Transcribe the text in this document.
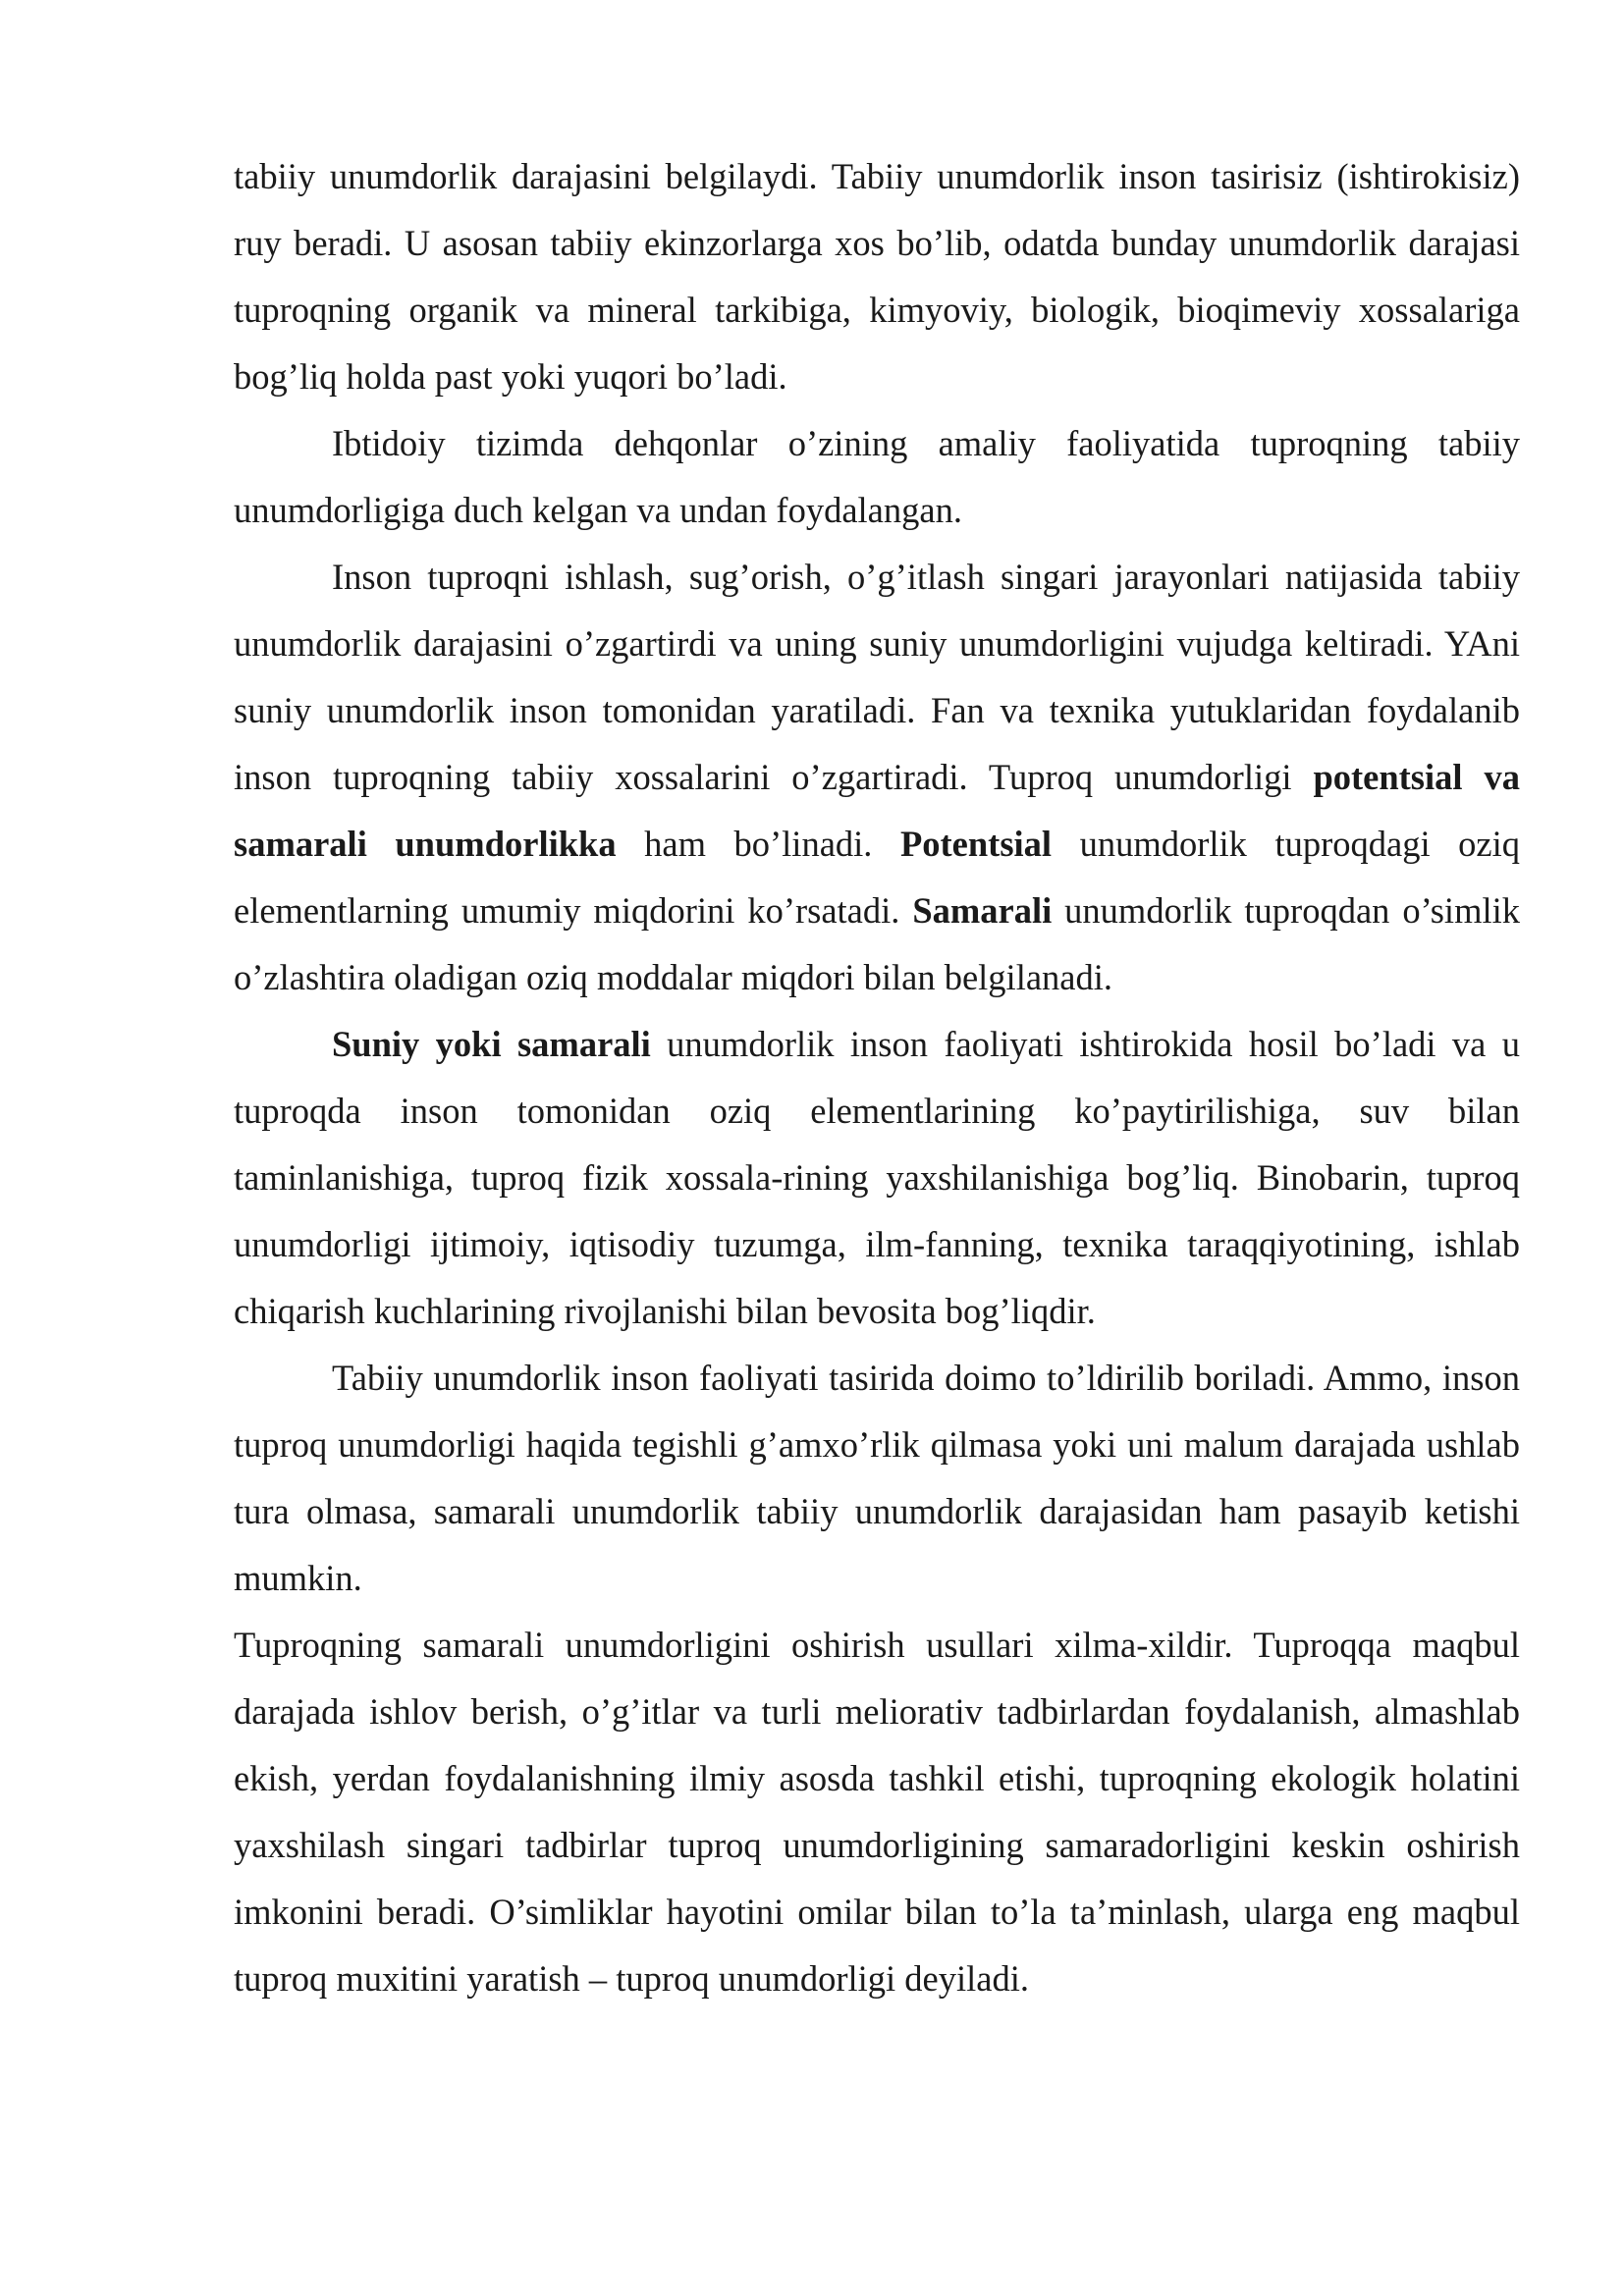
tabiiy unumdorlik darajasini belgilaydi. Tabiiy unumdorlik inson tasirisiz (ishtirokisiz) ruy beradi. U asosan tabiiy ekinzorlarga xos bo’lib, odatda bunday unumdorlik darajasi tuproqning organik va mineral tarkibiga, kimyoviy, biologik, bioqimeviy xossalariga bog’liq holda past yoki yuqori bo’ladi.

Ibtidoiy tizimda dehqonlar o’zining amaliy faoliyatida tuproqning tabiiy unumdorligiga duch kelgan va undan foydalangan.

Inson tuproqni ishlash, sug’orish, o’g’itlash singari jarayonlari natijasida tabiiy unumdorlik darajasini o’zgartirdi va uning suniy unumdorligini vujudga keltiradi. YAni suniy unumdorlik inson tomonidan yaratiladi. Fan va texnika yutuklaridan foydalanib inson tuproqning tabiiy xossalarini o’zgartiradi. Tuproq unumdorligi potentsial va samarali unumdorlikka ham bo’linadi. Potentsial unumdorlik tuproqdagi oziq elementlarning umumiy miqdorini ko’rsatadi. Samarali unumdorlik tuproqdan o’simlik o’zlashtira oladigan oziq moddalar miqdori bilan belgilanadi.

Suniy yoki samarali unumdorlik inson faoliyati ishtirokida hosil bo’ladi va u tuproqda inson tomonidan oziq elementlarining ko’paytirilishiga, suv bilan taminlanishiga, tuproq fizik xossala-rining yaxshilanishiga bog’liq. Binobarin, tuproq unumdorligi ijtimoiy, iqtisodiy tuzumga, ilm-fanning, texnika taraqqiyotining, ishlab chiqarish kuchlarining rivojlanishi bilan bevosita bog’liqdir.

Tabiiy unumdorlik inson faoliyati tasirida doimo to’ldirilib boriladi. Ammo, inson tuproq unumdorligi haqida tegishli g’amxo’rlik qilmasa yoki uni malum darajada ushlab tura olmasa, samarali unumdorlik tabiiy unumdorlik darajasidan ham pasayib ketishi mumkin.

Tuproqning samarali unumdorligini oshirish usullari xilma-xildir. Tuproqqa maqbul darajada ishlov berish, o’g’itlar va turli meliorativ tadbirlardan foydalanish, almashlab ekish, yerdan foydalanishning ilmiy asosda tashkil etishi, tuproqning ekologik holatini yaxshilash singari tadbirlar tuproq unumdorligining samaradorligini keskin oshirish imkonini beradi. O’simliklar hayotini omilar bilan to’la ta’minlash, ularga eng maqbul tuproq muxitini yaratish – tuproq unumdorligi deyiladi.
